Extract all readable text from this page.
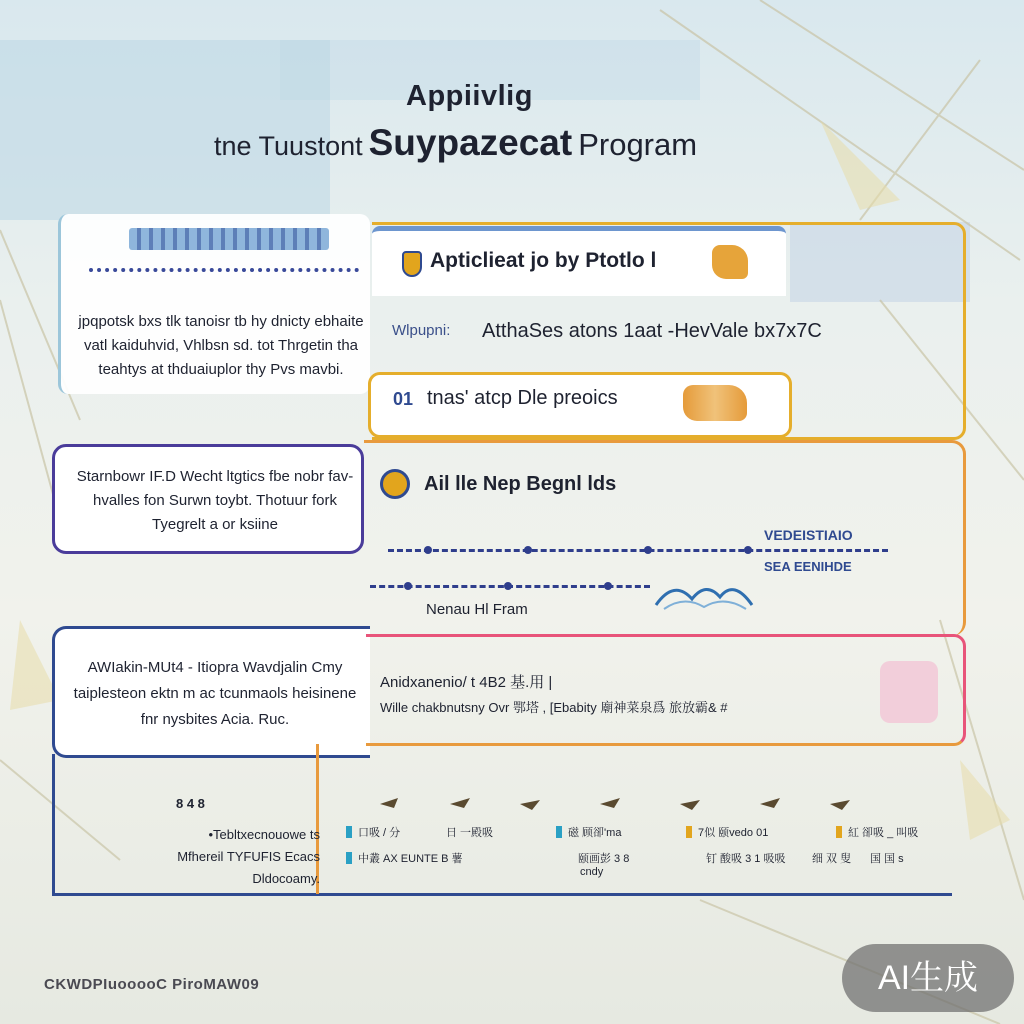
Appiivlig
tne Tuustont Suypazecat Program
jpqpotsk bxs tlk tanoisr tb hy dnicty ebhaite vatl kaiduhvid, Vhlbsn sd. tot Thrgetin tha teahtys at thduaiuplor thy Pvs mavbi.
Apticlieat jo by Ptotlo l
Wlpupni: AtthaSes atons 1aat -HevVale bx7x7C
01 tnas' atcp Dle preoics
Starnbowr IF.D Wecht ltgtics fbe nobr fav-hvalles fon Surwn toybt. Thotuur fork Tyegrelt a or ksiine
Ail lle Nep Begnl lds
VEDEISTIAIO
SEA EENIHDE
Nenau Hl Fram
AWIakin-MUt4 - Itiopra Wavdjalin Cmy taiplesteon ektn m ac tcunmaols heisinene fnr nysbites Acia. Ruc.
Anidxanenio/ t 4B2 基.用 |
Wille chakbnutsny Ovr 鄂塔 , [Ebabity 廟神菜泉爲 旅放霸& #
8 4 8
•Tebltxecnouowe ts
Mfhereil TYFUFIS Ecacs
Dldocoamy.
口吸 / 分	日 一殿吸	磁 顾卻'ma	7似 颐vedo 01	紅 卻吸 _ 叫吸
中叢 AX EUNTE B 薯	颐画彭 3 8	钉 酸吸 3 1 吸吸 细 双 叟 国 国 s
cndy
CKWDPIuooooC PiroMAW09	AI生成
